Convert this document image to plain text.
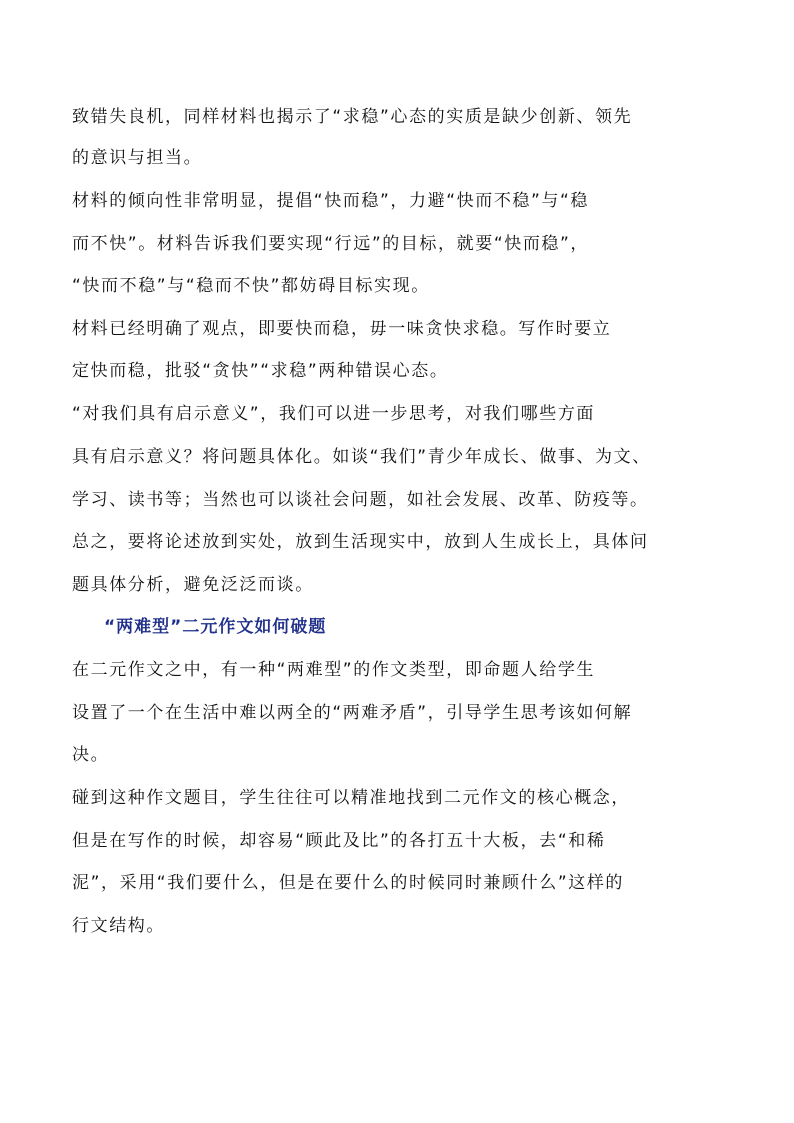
致错失良机，同样材料也揭示了“求稳”心态的实质是缺少创新、领先
的意识与担当。
材料的倾向性非常明显，提倡“快而稳”，力避“快而不稳”与“稳
而不快”。材料告诉我们要实现“行远”的目标，就要“快而稳”，
“快而不稳”与“稳而不快”都妨碍目标实现。
材料已经明确了观点，即要快而稳，毋一味贪快求稳。写作时要立
定快而稳，批驳“贪快”“求稳”两种错误心态。
“对我们具有启示意义”，我们可以进一步思考，对我们哪些方面
具有启示意义？将问题具体化。如谈“我们”青少年成长、做事、为文、
学习、读书等；当然也可以谈社会问题，如社会发展、改革、防疫等。
总之，要将论述放到实处，放到生活现实中，放到人生成长上，具体问
题具体分析，避免泛泛而谈。
“两难型”二元作文如何破题
在二元作文之中，有一种“两难型”的作文类型，即命题人给学生
设置了一个在生活中难以两全的“两难矛盾”，引导学生思考该如何解
决。
碰到这种作文题目，学生往往可以精准地找到二元作文的核心概念，
但是在写作的时候，却容易“顾此及比”的各打五十大板，去“和稀
泥”，采用“我们要什么，但是在要什么的时候同时兼顾什么”这样的
行文结构。
